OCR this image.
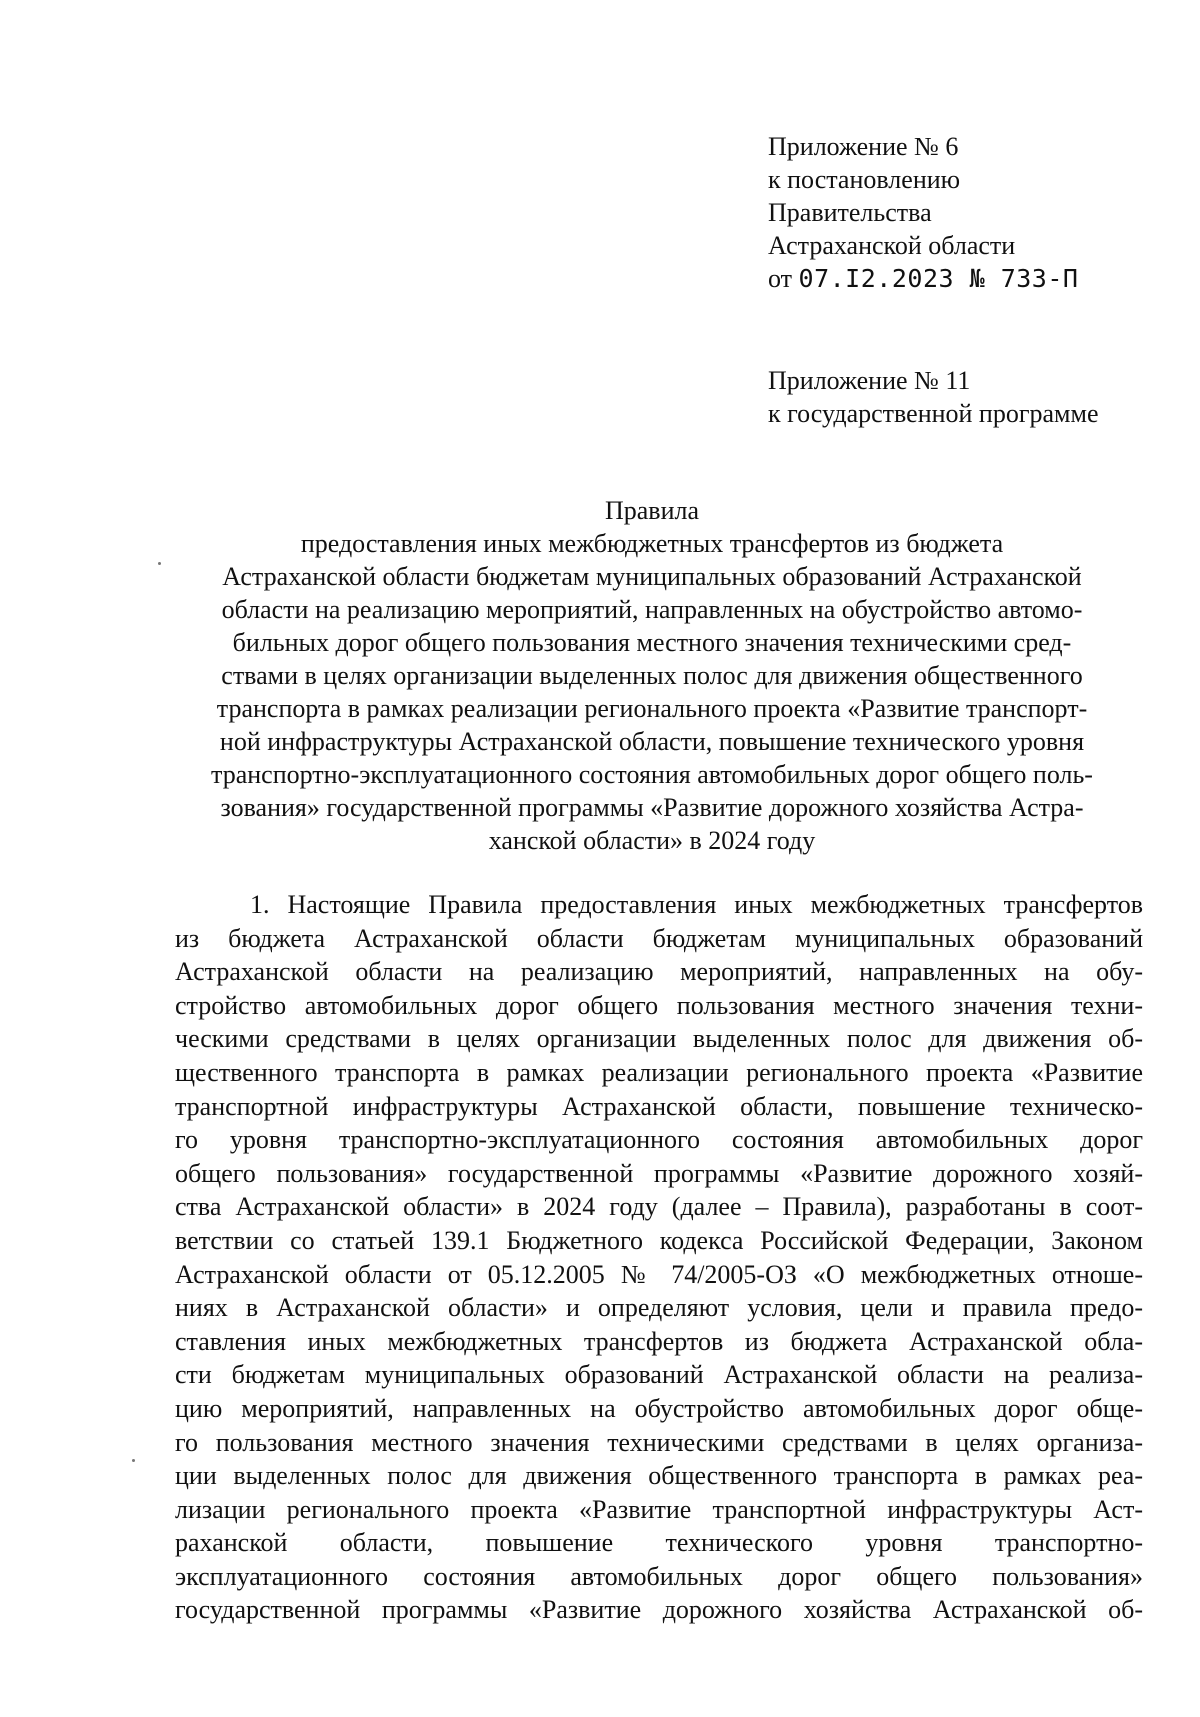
Приложение № 6
к постановлению
Правительства
Астраханской области
от 07.I2.2023 № 733-П
Приложение № 11
к государственной программе
Правила
предоставления иных межбюджетных трансфертов из бюджета
Астраханской области бюджетам муниципальных образований Астраханской
области на реализацию мероприятий, направленных на обустройство автомо-
бильных дорог общего пользования местного значения техническими сред-
ствами в целях организации выделенных полос для движения общественного
транспорта в рамках реализации регионального проекта «Развитие транспорт-
ной инфраструктуры Астраханской области, повышение технического уровня
транспортно-эксплуатационного состояния автомобильных дорог общего поль-
зования» государственной программы «Развитие дорожного хозяйства Астра-
ханской области» в 2024 году
1. Настоящие Правила предоставления иных межбюджетных трансфертов
из бюджета Астраханской области бюджетам муниципальных образований
Астраханской области на реализацию мероприятий, направленных на обу-
стройство автомобильных дорог общего пользования местного значения техни-
ческими средствами в целях организации выделенных полос для движения об-
щественного транспорта в рамках реализации регионального проекта «Развитие
транспортной инфраструктуры Астраханской области, повышение техническо-
го уровня транспортно-эксплуатационного состояния автомобильных дорог
общего пользования» государственной программы «Развитие дорожного хозяй-
ства Астраханской области» в 2024 году (далее – Правила), разработаны в соот-
ветствии со статьей 139.1 Бюджетного кодекса Российской Федерации, Законом
Астраханской области от 05.12.2005 № 74/2005-ОЗ «О межбюджетных отноше-
ниях в Астраханской области» и определяют условия, цели и правила предо-
ставления иных межбюджетных трансфертов из бюджета Астраханской обла-
сти бюджетам муниципальных образований Астраханской области на реализа-
цию мероприятий, направленных на обустройство автомобильных дорог обще-
го пользования местного значения техническими средствами в целях организа-
ции выделенных полос для движения общественного транспорта в рамках реа-
лизации регионального проекта «Развитие транспортной инфраструктуры Аст-
раханской области, повышение технического уровня транспортно-
эксплуатационного состояния автомобильных дорог общего пользования»
государственной программы «Развитие дорожного хозяйства Астраханской об-
